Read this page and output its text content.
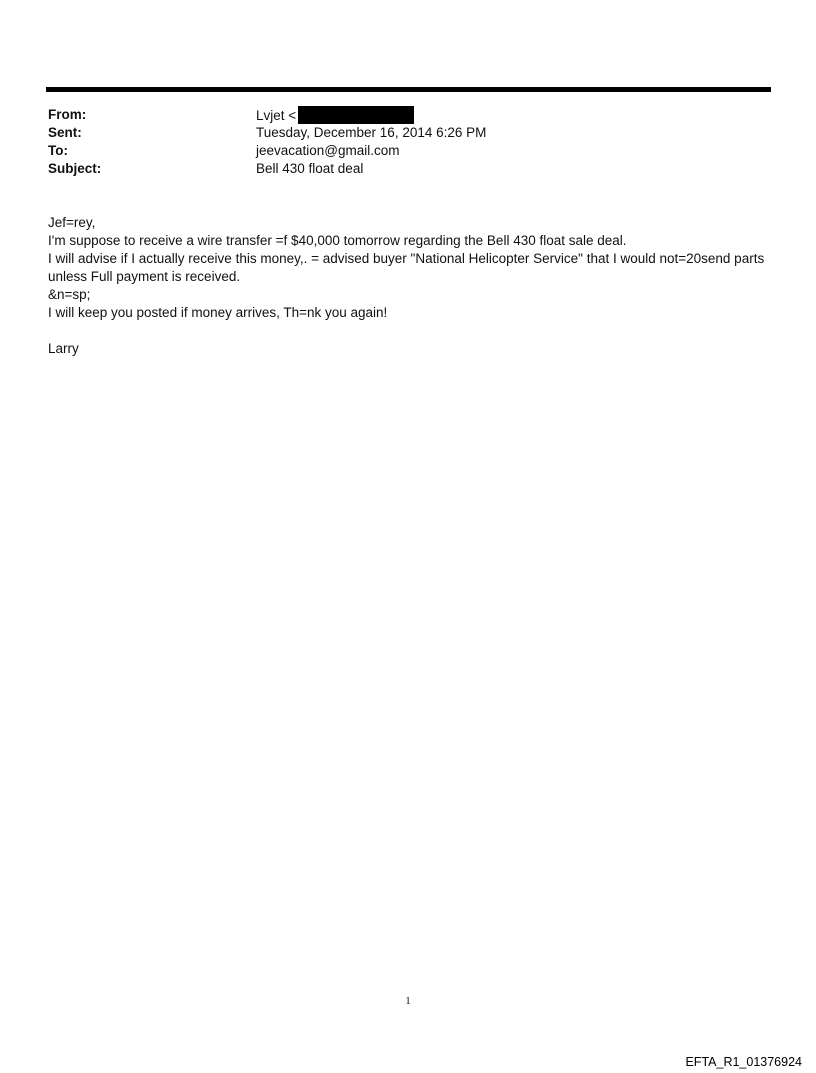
From:	Lvjet <
Sent:	Tuesday, December 16, 2014 6:26 PM
To:	jeevacation@gmail.com
Subject:	Bell 430 float deal
Jef=rey,
I'm suppose to receive a wire transfer =f $40,000 tomorrow regarding the Bell 430 float sale deal.
I will advise if I actually receive this money,. = advised buyer "National Helicopter Service" that I would not=20send parts
unless Full payment is received.
&n=sp;
I will keep you posted if money arrives, Th=nk you again!
Larry
1
EFTA_R1_01376924
